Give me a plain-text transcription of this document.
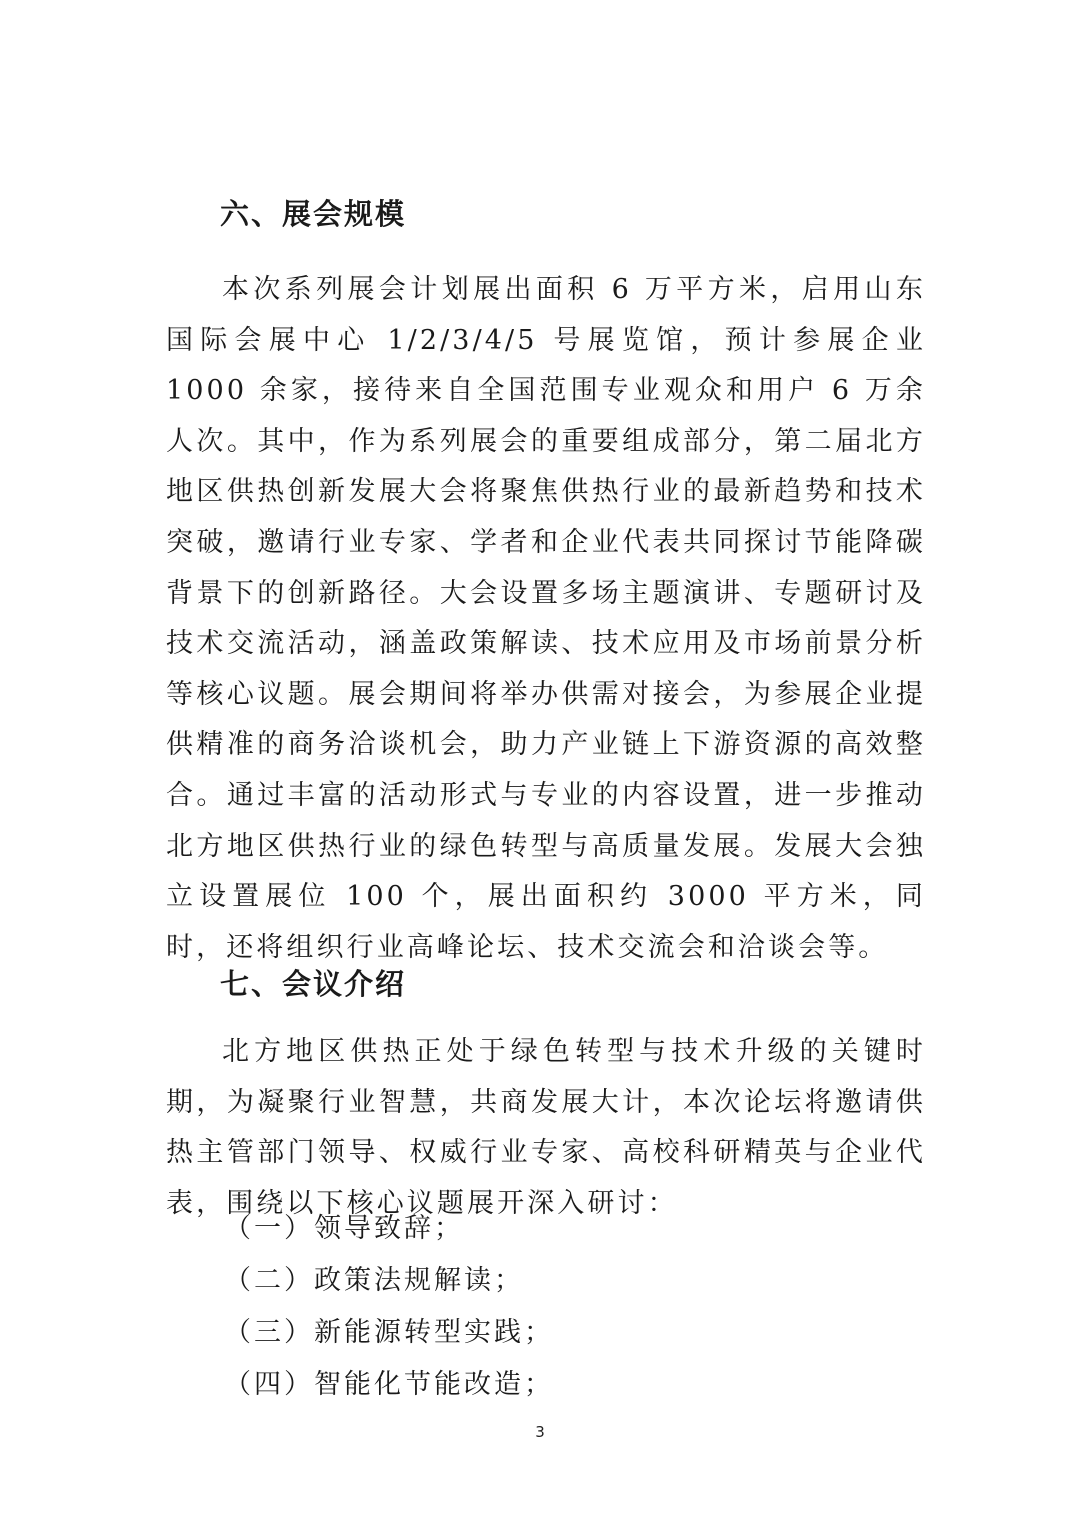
六、展会规模

本次系列展会计划展出面积 6 万平方米，启用山东国际会展中心 1/2/3/4/5 号展览馆，预计参展企业 1000 余家，接待来自全国范围专业观众和用户 6 万余人次。其中，作为系列展会的重要组成部分，第二届北方地区供热创新发展大会将聚焦供热行业的最新趋势和技术突破，邀请行业专家、学者和企业代表共同探讨节能降碳背景下的创新路径。大会设置多场主题演讲、专题研讨及技术交流活动，涵盖政策解读、技术应用及市场前景分析等核心议题。展会期间将举办供需对接会，为参展企业提供精准的商务洽谈机会，助力产业链上下游资源的高效整合。通过丰富的活动形式与专业的内容设置，进一步推动北方地区供热行业的绿色转型与高质量发展。发展大会独立设置展位 100 个，展出面积约 3000 平方米，同时，还将组织行业高峰论坛、技术交流会和洽谈会等。

七、会议介绍

北方地区供热正处于绿色转型与技术升级的关键时期，为凝聚行业智慧，共商发展大计，本次论坛将邀请供热主管部门领导、权威行业专家、高校科研精英与企业代表，围绕以下核心议题展开深入研讨：

（一）领导致辞；
（二）政策法规解读；
（三）新能源转型实践；
（四）智能化节能改造；
3
